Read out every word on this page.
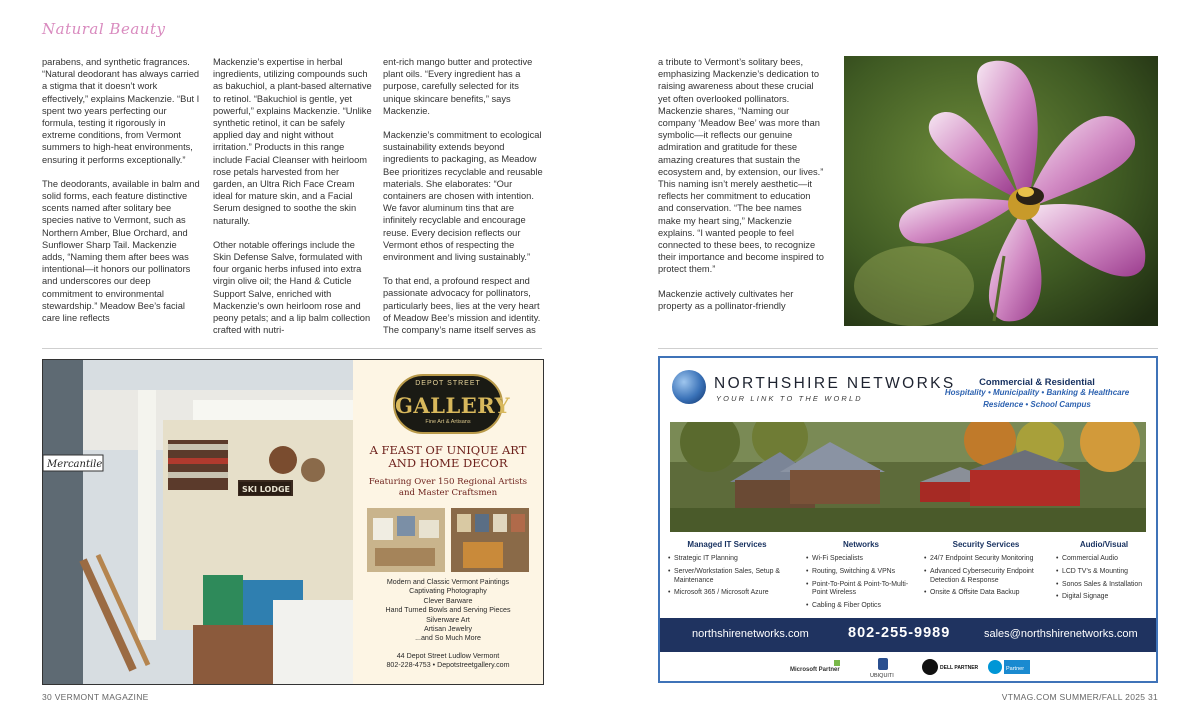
Natural Beauty

parabens, and synthetic fragrances. “Natural deodorant has always carried a stigma that it doesn’t work effectively,” explains Mackenzie. “But I spent two years perfecting our formula, testing it rigorously in extreme conditions, from Vermont summers to high-heat environments, ensuring it performs exceptionally.”

The deodorants, available in balm and solid forms, each feature distinctive scents named after solitary bee species native to Vermont, such as Northern Amber, Blue Orchard, and Sunflower Sharp Tail. Mackenzie adds, “Naming them after bees was intentional—it honors our pollinators and underscores our deep commitment to environmental stewardship.” Meadow Bee’s facial care line reflects

Mackenzie’s expertise in herbal ingredients, utilizing compounds such as bakuchiol, a plant-based alternative to retinol. “Bakuchiol is gentle, yet powerful,” explains Mackenzie. “Unlike synthetic retinol, it can be safely applied day and night without irritation.” Products in this range include Facial Cleanser with heirloom rose petals harvested from her garden, an Ultra Rich Face Cream ideal for mature skin, and a Facial Serum designed to soothe the skin naturally.

Other notable offerings include the Skin Defense Salve, formulated with four organic herbs infused into extra virgin olive oil; the Hand & Cuticle Support Salve, enriched with Mackenzie’s own heirloom rose and peony petals; and a lip balm collection crafted with nutri-

ent-rich mango butter and protective plant oils. “Every ingredient has a purpose, carefully selected for its unique skincare benefits,” says Mackenzie.

Mackenzie’s commitment to ecological sustainability extends beyond ingredients to packaging, as Meadow Bee prioritizes recyclable and reusable materials. She elaborates: “Our containers are chosen with intention. We favor aluminum tins that are infinitely recyclable and encourage reuse. Every decision reflects our Vermont ethos of respecting the environment and living sustainably.”

To that end, a profound respect and passionate advocacy for pollinators, particularly bees, lies at the very heart of Meadow Bee’s mission and identity. The company’s name itself serves as

a tribute to Vermont’s solitary bees, emphasizing Mackenzie’s dedication to raising awareness about these crucial yet often overlooked pollinators. Mackenzie shares, “Naming our company ‘Meadow Bee’ was more than symbolic—it reflects our genuine admiration and gratitude for these amazing creatures that sustain the ecosystem and, by extension, our lives.” This naming isn’t merely aesthetic—it reflects her commitment to education and conservation. “The bee names make my heart sing,” Mackenzie explains. “I wanted people to feel connected to these bees, to recognize their importance and become inspired to protect them.”

Mackenzie actively cultivates her property as a pollinator-friendly

Mercantile
SKI LODGE
DEPOT STREET
GALLERY
Fine Art & Artisans
A FEAST OF UNIQUE ART AND HOME DECOR
Featuring Over 150 Regional Artists and Master Craftsmen
Modern and Classic Vermont Paintings
Captivating Photography
Clever Barware
Hand Turned Bowls and Serving Pieces
Silverware Art
Artisan Jewelry
...and So Much More
44 Depot Street Ludlow Vermont
802-228-4753 • Depotstreetgallery.com
NORTHSHIRE NETWORKS
YOUR LINK TO THE WORLD
Commercial & Residential
Hospitality • Municipality • Banking & Healthcare
Residence • School Campus
Managed IT Services
• Strategic IT Planning
• Server/Workstation Sales, Setup & Maintenance
• Microsoft 365 / Microsoft Azure
Networks
• Wi-Fi Specialists
• Routing, Switching & VPNs
• Point-To-Point & Point-To-Multi-Point Wireless
• Cabling & Fiber Optics
Security Services
• 24/7 Endpoint Security Monitoring
• Advanced Cybersecurity Endpoint Detection & Response
• Onsite & Offsite Data Backup
Audio/Visual
• Commercial Audio
• LCD TV’s & Mounting
• Sonos Sales & Installation
• Digital Signage
northshirenetworks.com	802-255-9989	sales@northshirenetworks.com
Microsoft Partner
UBIQUITI
DELL PARTNER	Partner
30 VERMONT MAGAZINE	VTMAG.COM SUMMER/FALL 2025 31
